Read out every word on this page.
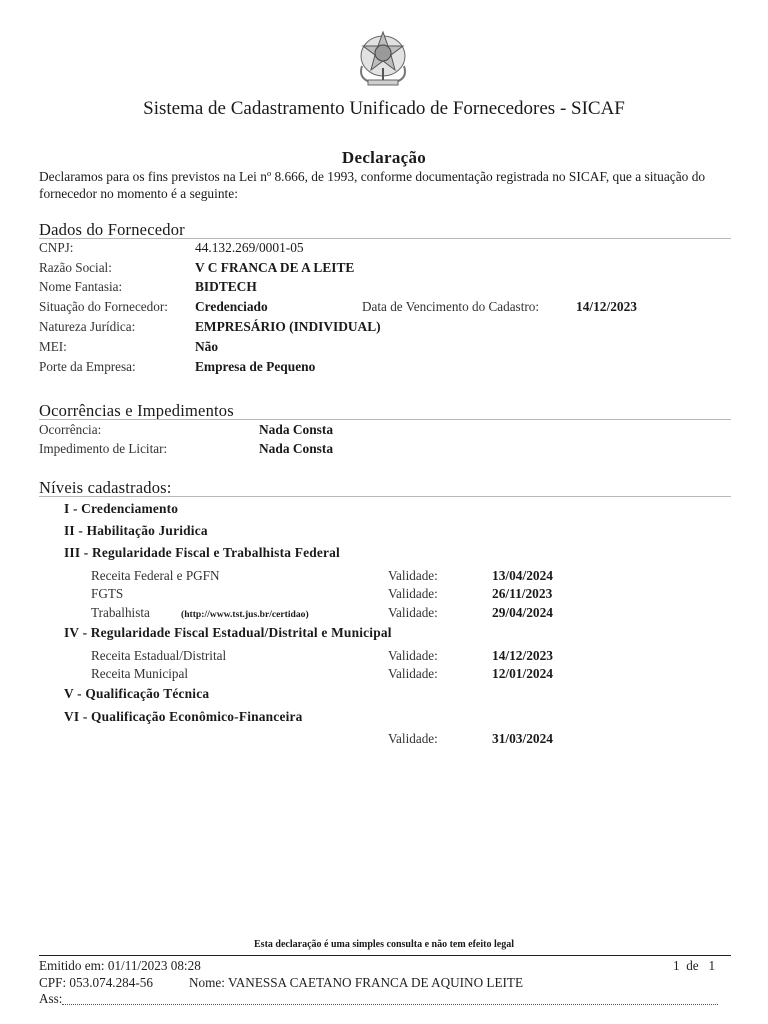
Sistema de Cadastramento Unificado de Fornecedores - SICAF
Declaração
Declaramos para os fins previstos na Lei nº 8.666, de 1993, conforme documentação registrada no SICAF, que a situação do fornecedor no momento é a seguinte:
Dados do Fornecedor
CNPJ:	44.132.269/0001-05
Razão Social:	V C FRANCA DE A LEITE
Nome Fantasia:	BIDTECH
Situação do Fornecedor: Credenciado	Data de Vencimento do Cadastro:	14/12/2023
Natureza Jurídica:	EMPRESÁRIO (INDIVIDUAL)
MEI:	Não
Porte da Empresa:	Empresa de Pequeno
Ocorrências e Impedimentos
Ocorrência:	Nada Consta
Impedimento de Licitar:	Nada Consta
Níveis cadastrados:
I - Credenciamento
II - Habilitação Juridica
III - Regularidade Fiscal e Trabalhista Federal
Receita Federal e PGFN	Validade:	13/04/2024
FGTS	Validade:	26/11/2023
Trabalhista	(http://www.tst.jus.br/certidao)	Validade:	29/04/2024
IV - Regularidade Fiscal Estadual/Distrital e Municipal
Receita Estadual/Distrital	Validade:	14/12/2023
Receita Municipal	Validade:	12/01/2024
V - Qualificação Técnica
VI - Qualificação Econômico-Financeira
Validade:	31/03/2024
Esta declaração é uma simples consulta e não tem efeito legal
Emitido em: 01/11/2023 08:28	1  de   1
CPF: 053.074.284-56	Nome: VANESSA CAETANO FRANCA DE AQUINO LEITE
Ass:
